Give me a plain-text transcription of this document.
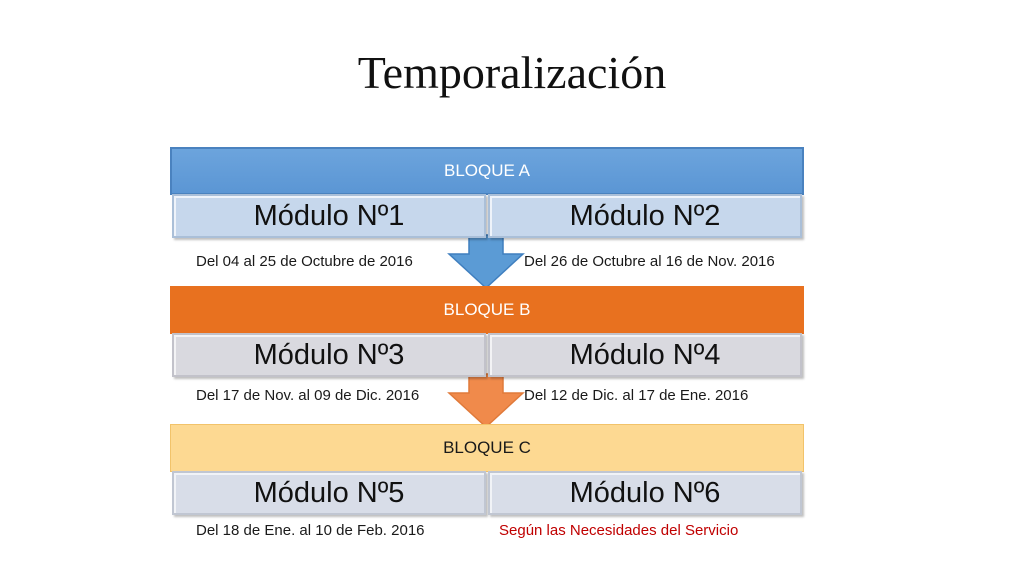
Temporalización
BLOQUE A
Módulo Nº1	Módulo Nº2
Del 04 al 25 de Octubre de 2016	Del 26 de Octubre al 16 de Nov. 2016
BLOQUE B
Módulo Nº3	Módulo Nº4
Del 17 de Nov. al 09 de Dic. 2016	Del 12 de Dic. al 17 de Ene. 2016
BLOQUE C
Módulo Nº5	Módulo Nº6
Del 18 de Ene. al 10 de Feb. 2016	Según las Necesidades del Servicio
